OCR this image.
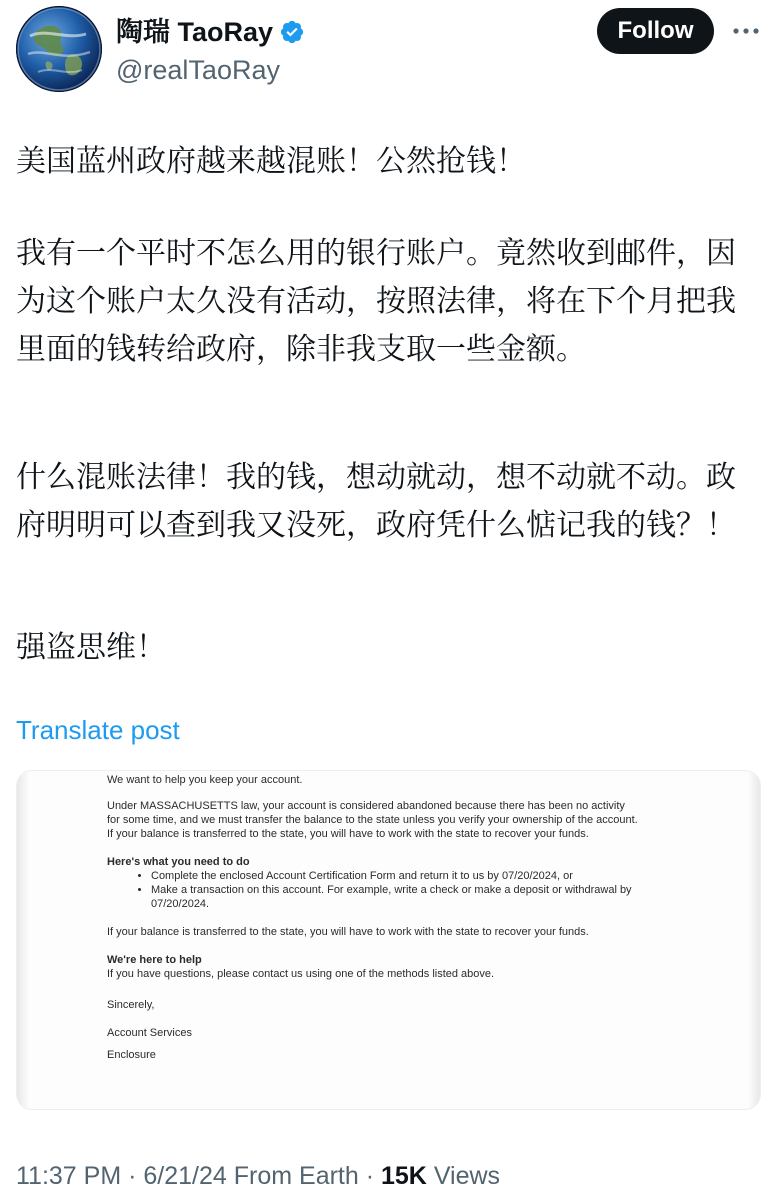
陶瑞 TaoRay
@realTaoRay
Follow

美国蓝州政府越来越混账！公然抢钱！

我有一个平时不怎么用的银行账户。竟然收到邮件，因为这个账户太久没有活动，按照法律，将在下个月把我里面的钱转给政府，除非我支取一些金额。

什么混账法律！我的钱，想动就动，想不动就不动。政府明明可以查到我又没死，政府凭什么惦记我的钱？！

强盗思维！

Translate post
We want to help you keep your account.
Under MASSACHUSETTS law, your account is considered abandoned because there has been no activity
for some time, and we must transfer the balance to the state unless you verify your ownership of the account.
If your balance is transferred to the state, you will have to work with the state to recover your funds.
Here's what you need to do
• Complete the enclosed Account Certification Form and return it to us by 07/20/2024, or
• Make a transaction on this account. For example, write a check or make a deposit or withdrawal by 07/20/2024.
If your balance is transferred to the state, you will have to work with the state to recover your funds.
We're here to help
If you have questions, please contact us using one of the methods listed above.
Sincerely,
Account Services
Enclosure
11:37 PM · 6/21/24 From Earth · 15K Views
